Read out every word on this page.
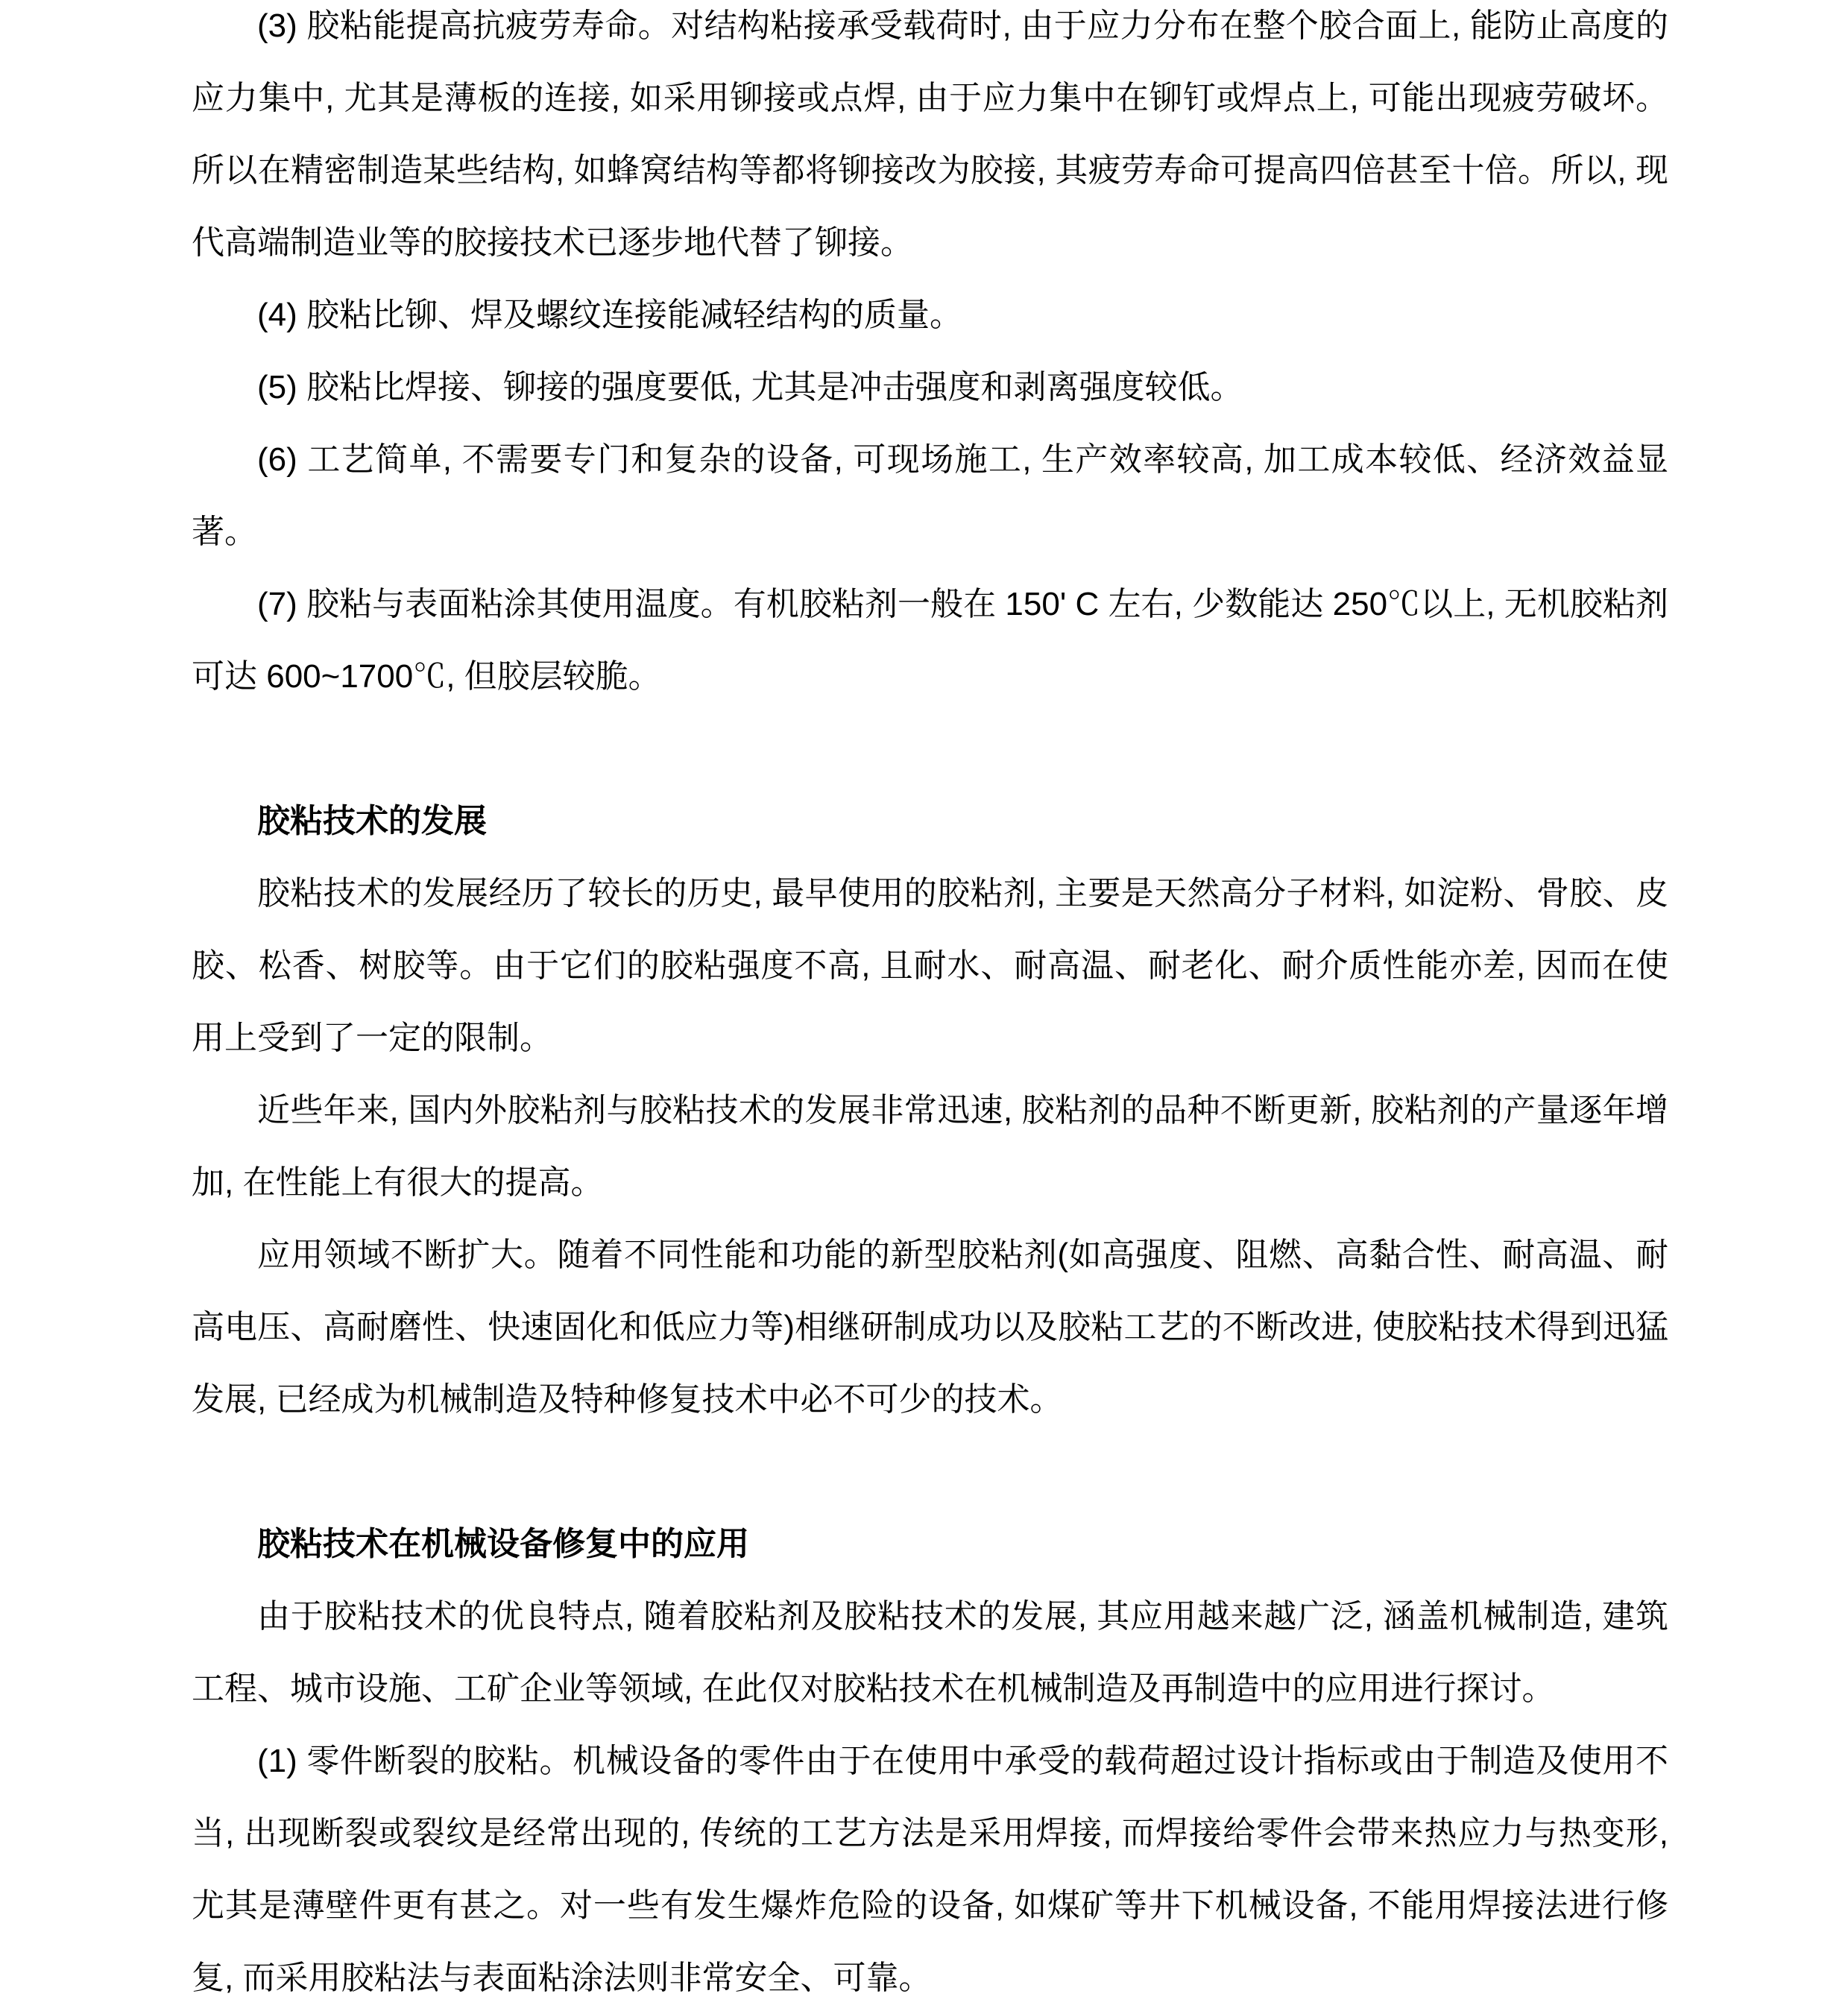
(3) 胶粘能提高抗疲劳寿命。对结构粘接承受载荷时, 由于应力分布在整个胶合面上, 能防止高度的应力集中, 尤其是薄板的连接, 如采用铆接或点焊, 由于应力集中在铆钉或焊点上, 可能出现疲劳破坏。所以在精密制造某些结构, 如蜂窝结构等都将铆接改为胶接, 其疲劳寿命可提高四倍甚至十倍。所以, 现代高端制造业等的胶接技术已逐步地代替了铆接。

(4) 胶粘比铆、焊及螺纹连接能减轻结构的质量。

(5) 胶粘比焊接、铆接的强度要低, 尤其是冲击强度和剥离强度较低。

(6) 工艺简单, 不需要专门和复杂的设备, 可现场施工, 生产效率较高, 加工成本较低、经济效益显著。

(7) 胶粘与表面粘涂其使用温度。有机胶粘剂一般在 150' C 左右, 少数能达 250℃以上, 无机胶粘剂可达 600~1700℃, 但胶层较脆。

胶粘技术的发展

胶粘技术的发展经历了较长的历史, 最早使用的胶粘剂, 主要是天然高分子材料, 如淀粉、骨胶、皮胶、松香、树胶等。由于它们的胶粘强度不高, 且耐水、耐高温、耐老化、耐介质性能亦差, 因而在使用上受到了一定的限制。

近些年来, 国内外胶粘剂与胶粘技术的发展非常迅速, 胶粘剂的品种不断更新, 胶粘剂的产量逐年增加, 在性能上有很大的提高。

应用领域不断扩大。随着不同性能和功能的新型胶粘剂(如高强度、阻燃、高黏合性、耐高温、耐高电压、高耐磨性、快速固化和低应力等)相继研制成功以及胶粘工艺的不断改进, 使胶粘技术得到迅猛发展, 已经成为机械制造及特种修复技术中必不可少的技术。

胶粘技术在机械设备修复中的应用

由于胶粘技术的优良特点, 随着胶粘剂及胶粘技术的发展, 其应用越来越广泛, 涵盖机械制造, 建筑工程、城市设施、工矿企业等领域, 在此仅对胶粘技术在机械制造及再制造中的应用进行探讨。

(1) 零件断裂的胶粘。机械设备的零件由于在使用中承受的载荷超过设计指标或由于制造及使用不当, 出现断裂或裂纹是经常出现的, 传统的工艺方法是采用焊接, 而焊接给零件会带来热应力与热变形, 尤其是薄壁件更有甚之。对一些有发生爆炸危险的设备, 如煤矿等井下机械设备, 不能用焊接法进行修复, 而采用胶粘法与表面粘涂法则非常安全、可靠。
